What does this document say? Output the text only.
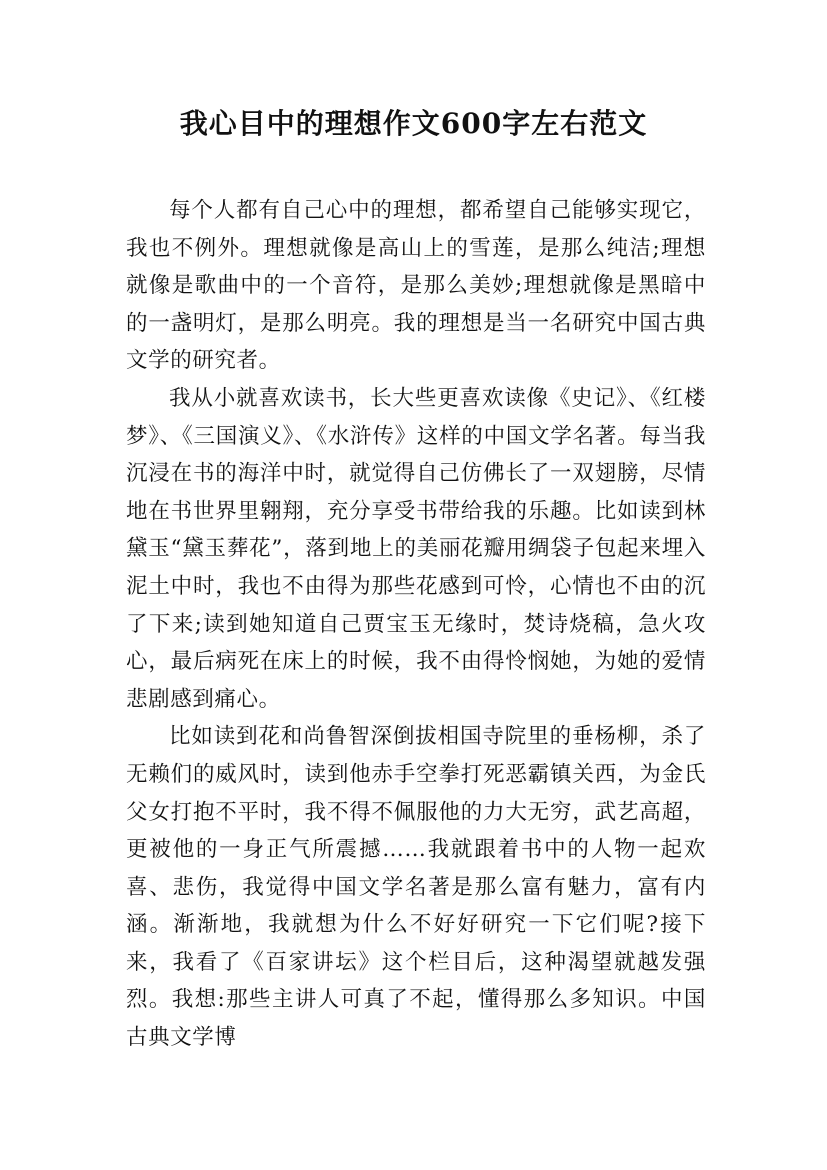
我心目中的理想作文600字左右范文

每个人都有自己心中的理想，都希望自己能够实现它，我也不例外。理想就像是高山上的雪莲，是那么纯洁;理想就像是歌曲中的一个音符，是那么美妙;理想就像是黑暗中的一盏明灯，是那么明亮。我的理想是当一名研究中国古典文学的研究者。

我从小就喜欢读书，长大些更喜欢读像《史记》、《红楼梦》、《三国演义》、《水浒传》这样的中国文学名著。每当我沉浸在书的海洋中时，就觉得自己仿佛长了一双翅膀，尽情地在书世界里翱翔，充分享受书带给我的乐趣。比如读到林黛玉“黛玉葬花”，落到地上的美丽花瓣用绸袋子包起来埋入泥土中时，我也不由得为那些花感到可怜，心情也不由的沉了下来;读到她知道自己贾宝玉无缘时，焚诗烧稿，急火攻心，最后病死在床上的时候，我不由得怜悯她，为她的爱情悲剧感到痛心。

比如读到花和尚鲁智深倒拔相国寺院里的垂杨柳，杀了无赖们的威风时，读到他赤手空拳打死恶霸镇关西，为金氏父女打抱不平时，我不得不佩服他的力大无穷，武艺高超，更被他的一身正气所震撼……我就跟着书中的人物一起欢喜、悲伤，我觉得中国文学名著是那么富有魅力，富有内涵。渐渐地，我就想为什么不好好研究一下它们呢?接下来，我看了《百家讲坛》这个栏目后，这种渴望就越发强烈。我想:那些主讲人可真了不起，懂得那么多知识。中国古典文学博
